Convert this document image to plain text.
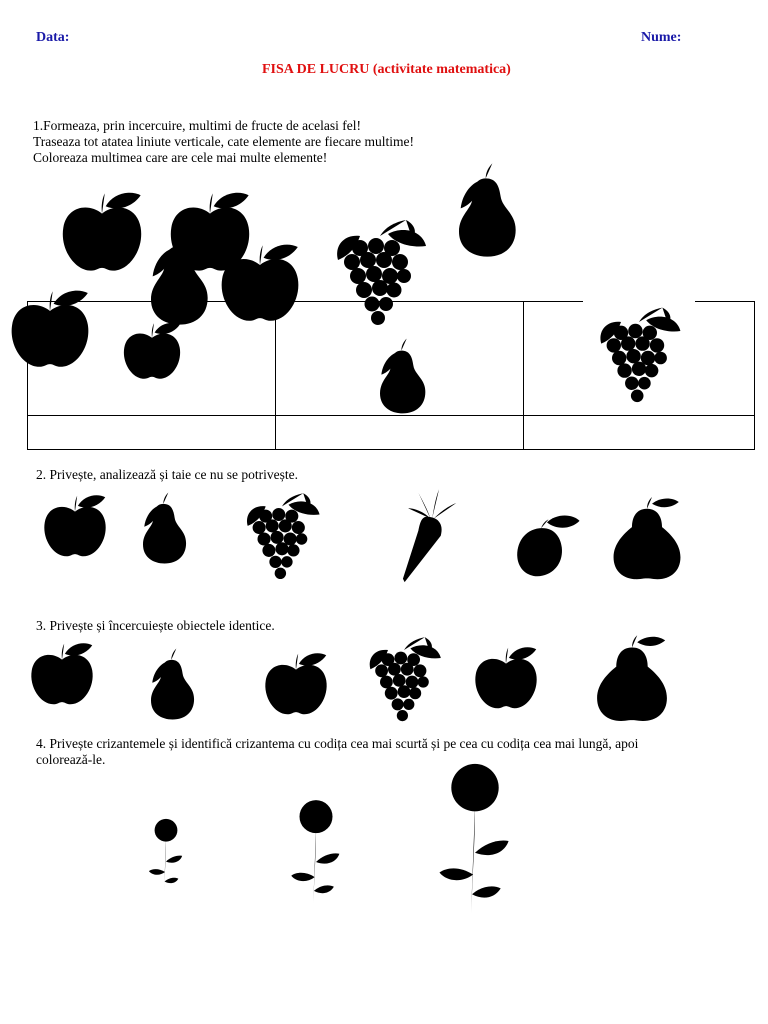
Data:	Nume:
FISA DE LUCRU (activitate matematica)
1.Formeaza, prin incercuire, multimi de fructe de acelasi fel!
Traseaza tot atatea liniute verticale, cate elemente are fiecare multime!
Coloreaza multimea care are cele mai multe elemente!
2. Privește, analizează și taie ce nu se potrivește.
3. Privește și încercuiește obiectele identice.
4. Privește crizantemele și identifică crizantema cu codița cea mai scurtă și pe cea cu codița cea mai lungă, apoi
colorează-le.
